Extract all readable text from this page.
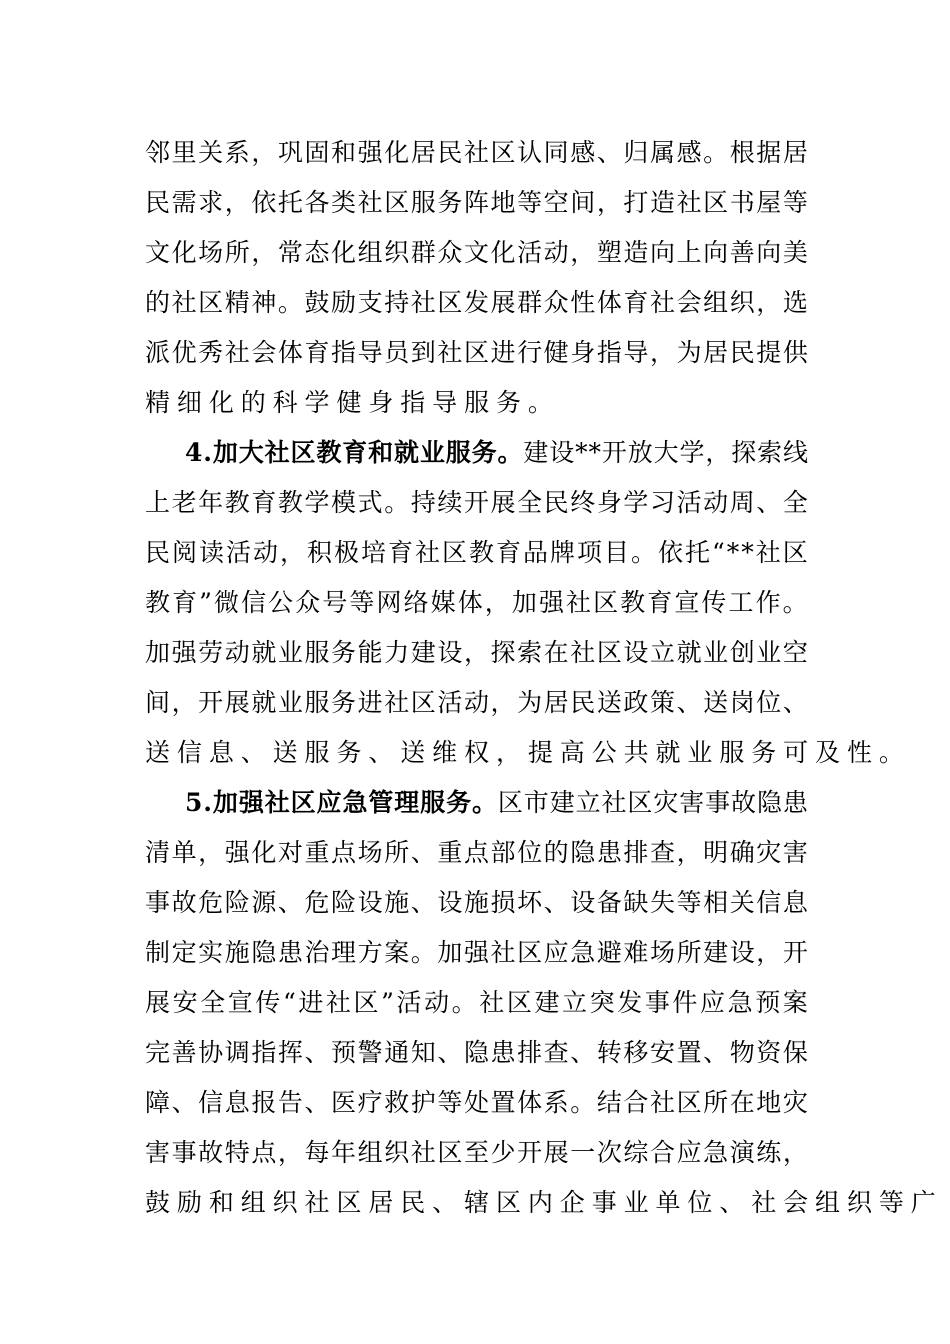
邻 里 关 系 ， 巩 固 和 强 化 居 民 社 区 认 同 感 、 归 属 感 。 根 据 居
民 需 求 ， 依 托 各 类 社 区 服 务 阵 地 等 空 间 ， 打 造 社 区 书 屋 等
文 化 场 所 ， 常 态 化 组 织 群 众 文 化 活 动 ， 塑 造 向 上 向 善 向 美
的 社 区 精 神 。 鼓 励 支 持 社 区 发 展 群 众 性 体 育 社 会 组 织 ， 选
派 优 秀 社 会 体 育 指 导 员 到 社 区 进 行 健 身 指 导 ， 为 居 民 提 供
精 细 化 的 科 学 健 身 指 导 服 务 。
4 . 加 大 社 区 教 育 和 就 业 服 务 。 建 设 * * 开 放 大 学 ， 探 索 线
上 老 年 教 育 教 学 模 式 。 持 续 开 展 全 民 终 身 学 习 活 动 周 、 全
民 阅 读 活 动 ， 积 极 培 育 社 区 教 育 品 牌 项 目 。 依 托 “ * * 社 区
教 育 ” 微 信 公 众 号 等 网 络 媒 体 ， 加 强 社 区 教 育 宣 传 工 作 。
加 强 劳 动 就 业 服 务 能 力 建 设 ， 探 索 在 社 区 设 立 就 业 创 业 空
间 ， 开 展 就 业 服 务 进 社 区 活 动 ， 为 居 民 送 政 策 、 送 岗 位 、
送 信 息 、 送 服 务 、 送 维 权 ， 提 高 公 共 就 业 服 务 可 及 性 。
5 . 加 强 社 区 应 急 管 理 服 务 。 区 市 建 立 社 区 灾 害 事 故 隐 患
清 单 ， 强 化 对 重 点 场 所 、 重 点 部 位 的 隐 患 排 查 ， 明 确 灾 害
事 故 危 险 源 、 危 险 设 施 、 设 施 损 坏 、 设 备 缺 失 等 相 关 信 息
制 定 实 施 隐 患 治 理 方 案 。 加 强 社 区 应 急 避 难 场 所 建 设 ， 开
展 安 全 宣 传 “ 进 社 区 ” 活 动 。 社 区 建 立 突 发 事 件 应 急 预 案
完 善 协 调 指 挥 、 预 警 通 知 、 隐 患 排 查 、 转 移 安 置 、 物 资 保
障 、 信 息 报 告 、 医 疗 救 护 等 处 置 体 系 。 结 合 社 区 所 在 地 灾
害 事 故 特 点 ， 每 年 组 织 社 区 至 少 开 展 一 次 综 合 应 急 演 练 ，
鼓 励 和 组 织 社 区 居 民 、 辖 区 内 企 事 业 单 位 、 社 会 组 织 等 广
